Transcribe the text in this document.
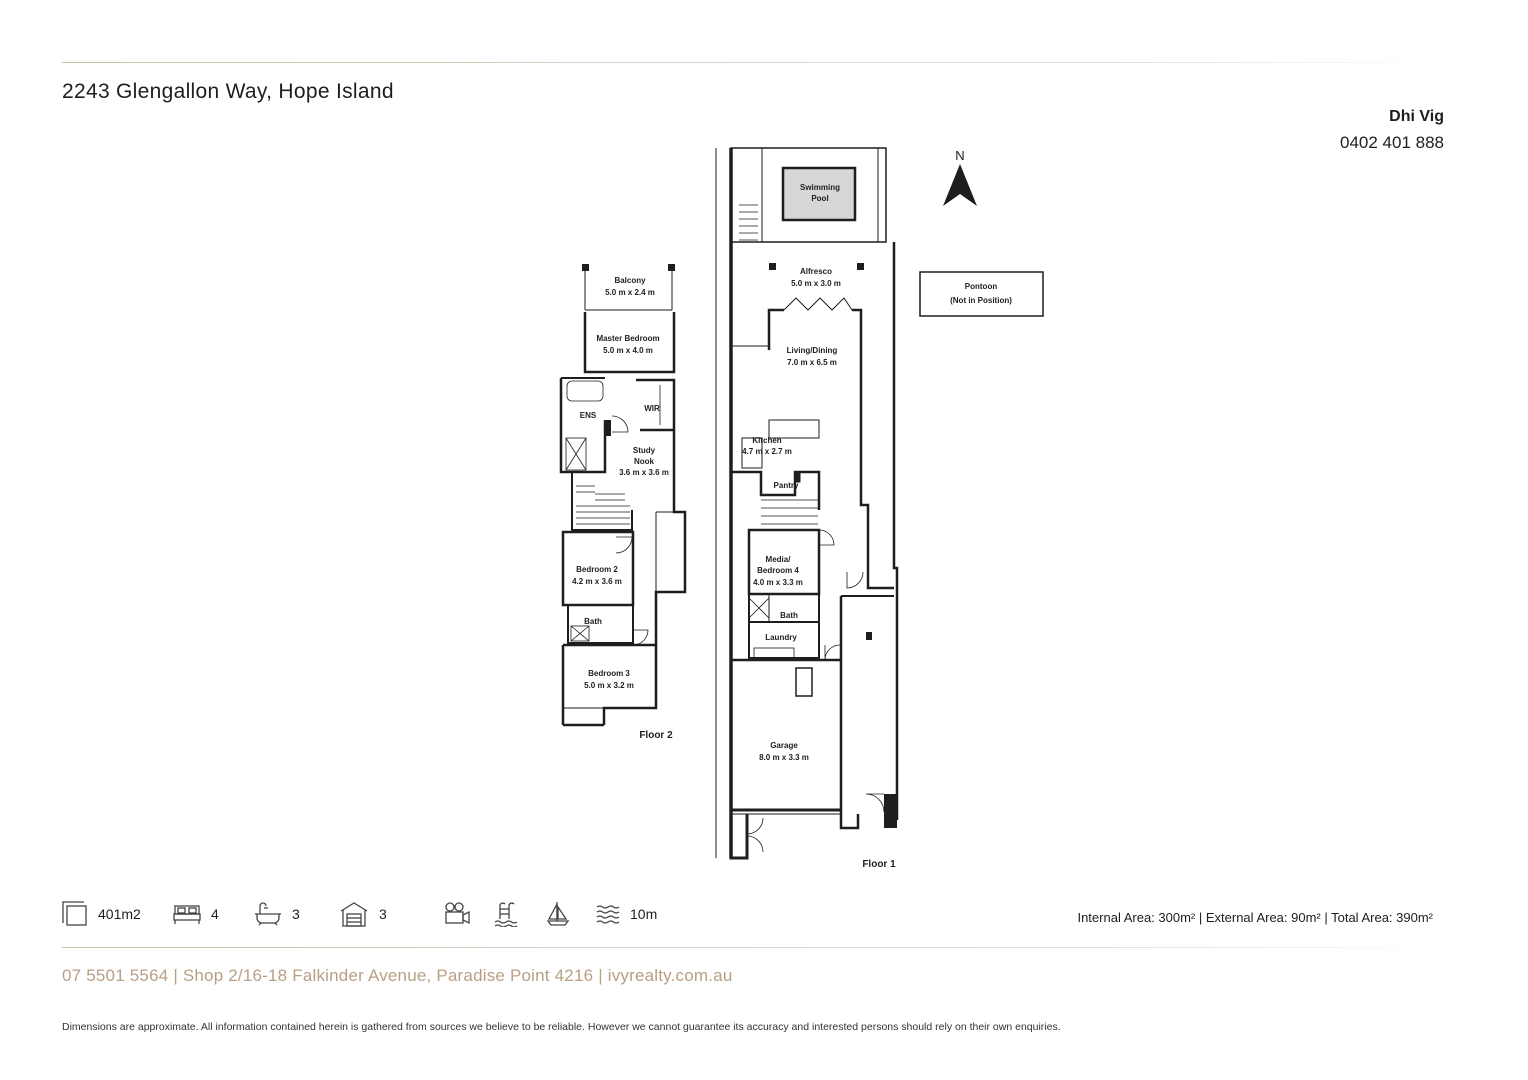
2243 Glengallon Way, Hope Island
Dhi Vig
0402 401 888
N
Pontoon
(Not in Position)
Swimming
Pool
Alfresco
5.0 m x 3.0 m
Living/Dining
7.0 m x 6.5 m
Kitchen
4.7 m x 2.7 m
Pantry
Media/
Bedroom 4
4.0 m x 3.3 m
Bath
Laundry
Garage
8.0 m x 3.3 m
Floor 1
Balcony
5.0 m x 2.4 m
Master Bedroom
5.0 m x 4.0 m
ENS
WIR
Study
Nook
3.6 m x 3.6 m
Bedroom 2
4.2 m x 3.6 m
Bath
Bedroom 3
5.0 m x 3.2 m
Floor 2
401m2	4	3	3	10m	Internal Area: 300m² | External Area: 90m² | Total Area: 390m²
07 5501 5564 | Shop 2/16-18 Falkinder Avenue, Paradise Point 4216 | ivyrealty.com.au
Dimensions are approximate. All information contained herein is gathered from sources we believe to be reliable. However we cannot guarantee its accuracy and interested persons should rely on their own enquiries.
